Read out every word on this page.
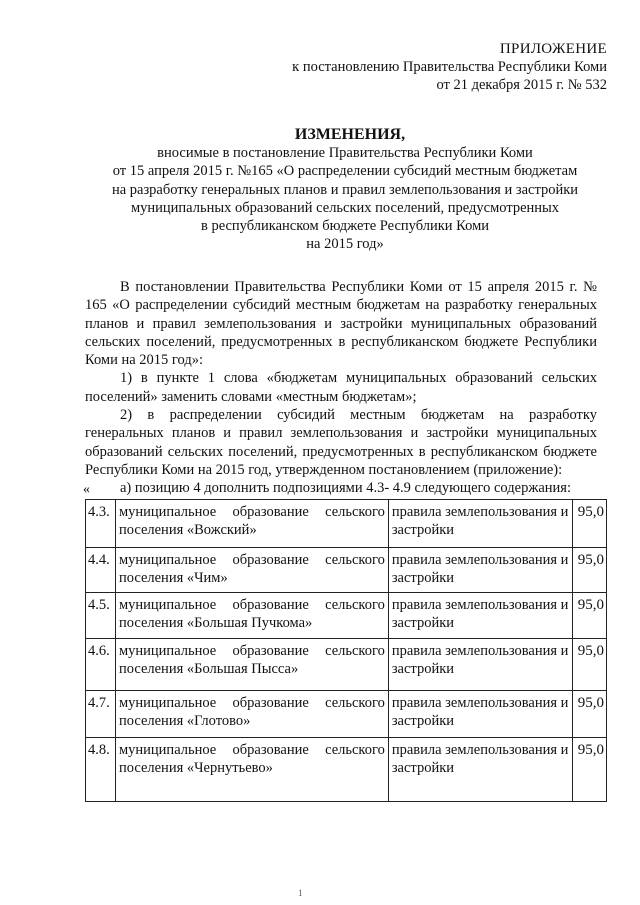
ПРИЛОЖЕНИЕ
к постановлению Правительства Республики Коми
от 21 декабря 2015 г. № 532
ИЗМЕНЕНИЯ,
вносимые в постановление Правительства Республики Коми
от 15 апреля 2015 г. №165 «О распределении субсидий местным бюджетам
на разработку генеральных планов и правил землепользования и застройки
муниципальных образований сельских поселений, предусмотренных
в республиканском бюджете Республики Коми
на 2015 год»

В постановлении Правительства Республики Коми от 15 апреля 2015 г. № 165 «О распределении субсидий местным бюджетам на разработку генеральных планов и правил землепользования и застройки муниципальных образований сельских поселений, предусмотренных в республиканском бюджете Республики Коми на 2015 год»:

1) в пункте 1 слова «бюджетам муниципальных образований сельских поселений» заменить словами «местным бюджетам»;

2) в распределении субсидий местным бюджетам на разработку генеральных планов и правил землепользования и застройки муниципальных образований сельских поселений, предусмотренных в республиканском бюджете Республики Коми на 2015 год, утвержденном постановлением (приложение):

а) позицию 4 дополнить подпозициями 4.3- 4.9 следующего содержания:

«
4.3.	муниципальное образование сельского поселения «Вожский»	правила землепользования и застройки	95,0
4.4.	муниципальное образование сельского поселения «Чим»	правила землепользования и застройки	95,0
4.5.	муниципальное образование сельского поселения «Большая Пучкома»	правила землепользования и застройки	95,0
4.6.	муниципальное образование сельского поселения «Большая Пысса»	правила землепользования и застройки	95,0
4.7.	муниципальное образование сельского поселения «Глотово»	правила землепользования и застройки	95,0
4.8.	муниципальное образование сельского поселения «Чернутьево»	правила землепользования и застройки	95,0
1
